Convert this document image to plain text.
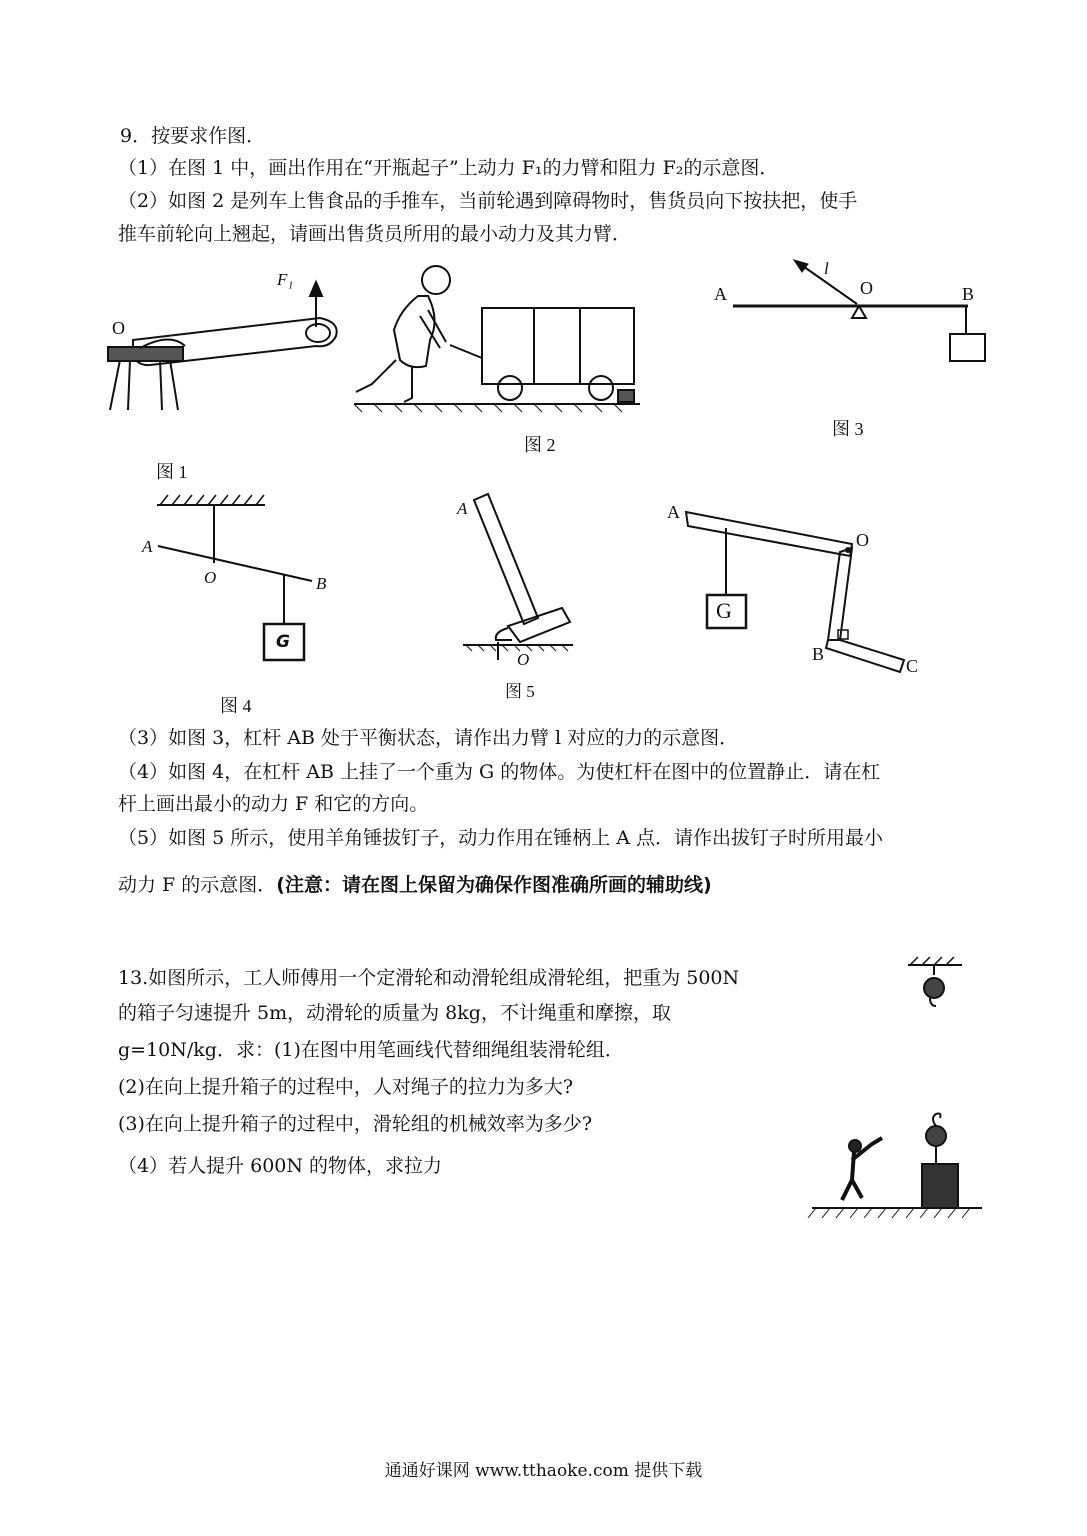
9．按要求作图．
（1）在图 1 中，画出作用在“开瓶起子”上动力 F₁的力臂和阻力 F₂的示意图．
（2）如图 2 是列车上售食品的手推车，当前轮遇到障碍物时，售货员向下按扶把，使手
推车前轮向上翘起，请画出售货员所用的最小动力及其力臂．
F₁
O
图 1
图 2
A	O	B
l
图 3
A
O	B
G
图 4
A
O
图 5
A
O
B
C
G
（3）如图 3，杠杆 AB 处于平衡状态，请作出力臂 l 对应的力的示意图．
（4）如图 4，在杠杆 AB 上挂了一个重为 G 的物体。为使杠杆在图中的位置静止．请在杠
杆上画出最小的动力 F 和它的方向。
（5）如图 5 所示，使用羊角锤拔钉子，动力作用在锤柄上 A 点．请作出拔钉子时所用最小
动力 F 的示意图．(注意：请在图上保留为确保作图准确所画的辅助线)
13.如图所示，工人师傅用一个定滑轮和动滑轮组成滑轮组，把重为 500N
的箱子匀速提升 5m，动滑轮的质量为 8kg，不计绳重和摩擦，取
g=10N/kg．求：(1)在图中用笔画线代替细绳组装滑轮组．
(2)在向上提升箱子的过程中，人对绳子的拉力为多大?
(3)在向上提升箱子的过程中，滑轮组的机械效率为多少?
（4）若人提升 600N 的物体，求拉力
通通好课网 www.tthaoke.com 提供下载
